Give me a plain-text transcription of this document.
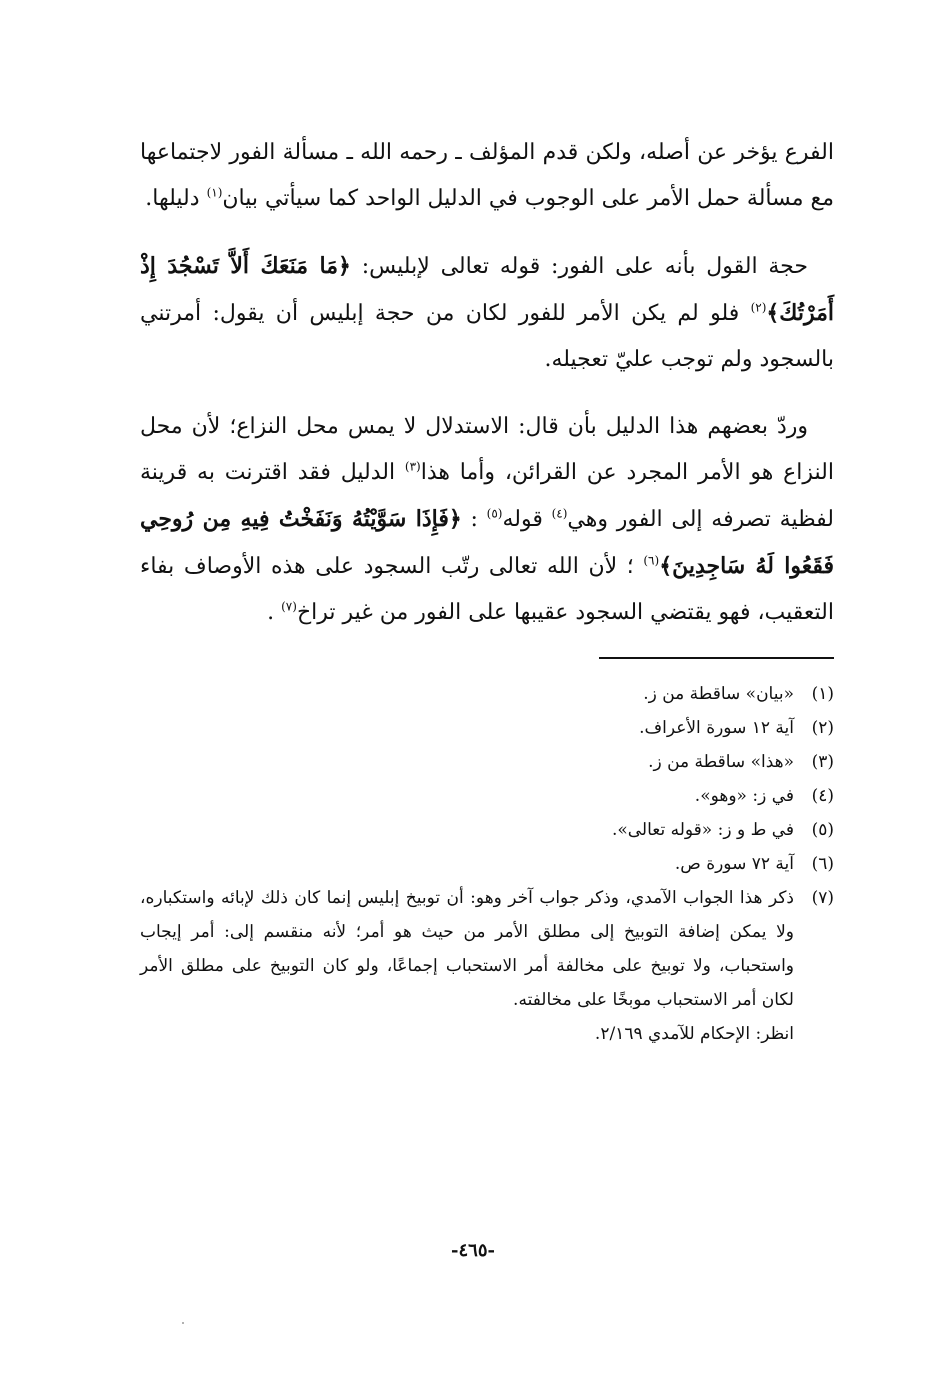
الفرع يؤخر عن أصله، ولكن قدم المؤلف ـ رحمه الله ـ مسألة الفور لاجتماعها مع مسألة حمل الأمر على الوجوب في الدليل الواحد كما سيأتي بيان$^{(١)}$ دليلها.

حجة القول بأنه على الفور: قوله تعالى لإبليس: ﴿مَا مَنَعَكَ أَلاَّ تَسْجُدَ إِذْ أَمَرْتُكَ﴾$^{(٢)}$ فلو لم يكن الأمر للفور لكان من حجة إبليس أن يقول: أمرتني بالسجود ولم توجب عليّ تعجيله.

وردّ بعضهم هذا الدليل بأن قال: الاستدلال لا يمس محل النزاع؛ لأن محل النزاع هو الأمر المجرد عن القرائن، وأما هذا$^{(٣)}$ الدليل فقد اقترنت به قرينة لفظية تصرفه إلى الفور وهي$^{(٤)}$ قوله$^{(٥)}$ : ﴿فَإِذَا سَوَّيْتُهُ وَنَفَخْتُ فِيهِ مِن رُوحِي فَقَعُوا لَهُ سَاجِدِينَ﴾$^{(٦)}$ ؛ لأن الله تعالى رتّب السجود على هذه الأوصاف بفاء التعقيب، فهو يقتضي السجود عقيبها على الفور من غير تراخ$^{(٧)}$ .

(١)
«بيان» ساقطة من ز.
(٢)
آية ١٢ سورة الأعراف.
(٣)
«هذا» ساقطة من ز.
(٤)
في ز: «وهو».
(٥)
في ط و ز: «قوله تعالى».
(٦)
آية ٧٢ سورة ص.
(٧)
ذكر هذا الجواب الآمدي، وذكر جواب آخر وهو: أن توبيخ إبليس إنما كان ذلك لإبائه واستكباره، ولا يمكن إضافة التوبيخ إلى مطلق الأمر من حيث هو أمر؛ لأنه منقسم إلى: أمر إيجاب واستحباب، ولا توبيخ على مخالفة أمر الاستحباب إجماعًا، ولو كان التوبيخ على مطلق الأمر لكان أمر الاستحباب موبخًا على مخالفته.
انظر: الإحكام للآمدي ٢/١٦٩.
-٤٦٥-
